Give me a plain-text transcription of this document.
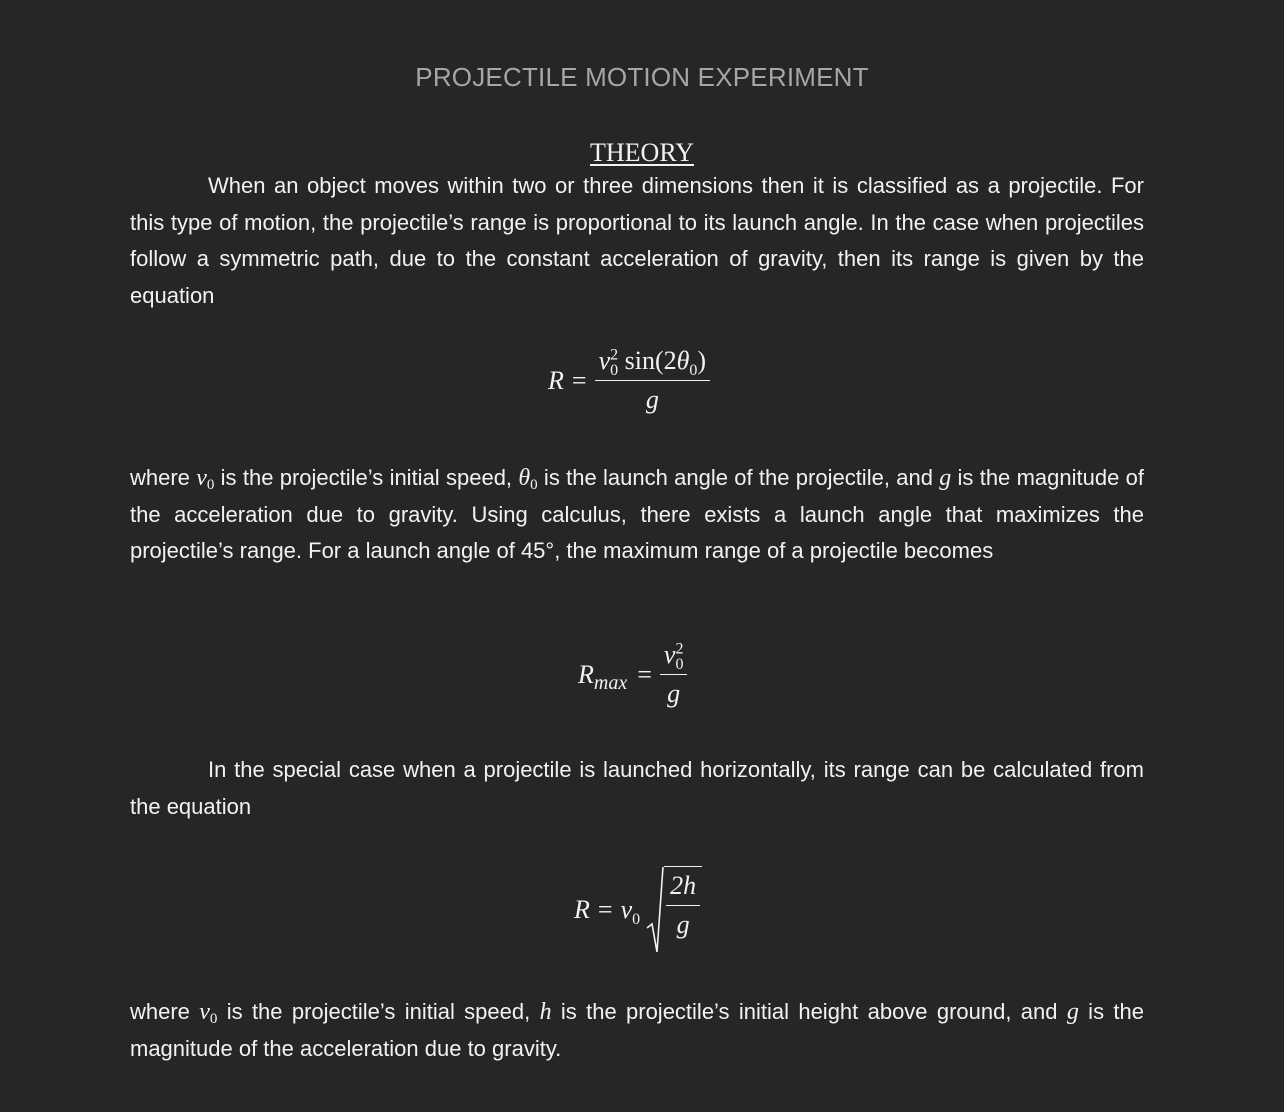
PROJECTILE MOTION EXPERIMENT
THEORY
When an object moves within two or three dimensions then it is classified as a projectile. For this type of motion, the projectile’s range is proportional to its launch angle. In the case when projectiles follow a symmetric path, due to the constant acceleration of gravity, then its range is given by the equation
$R = \frac{v^2_0 \sin(2\theta_0)}{g}$
where $v_0$ is the projectile’s initial speed, $\theta_0$ is the launch angle of the projectile, and g is the magnitude of the acceleration due to gravity. Using calculus, there exists a launch angle that maximizes the projectile’s range. For a launch angle of 45°, the maximum range of a projectile becomes
$R_{max} = \frac{v^2_0}{g}$
In the special case when a projectile is launched horizontally, its range can be calculated from the equation
$R = v_0 \frac{2h}{g}$
where $v_0$ is the projectile’s initial speed, h is the projectile’s initial height above ground, and g is the magnitude of the acceleration due to gravity.
